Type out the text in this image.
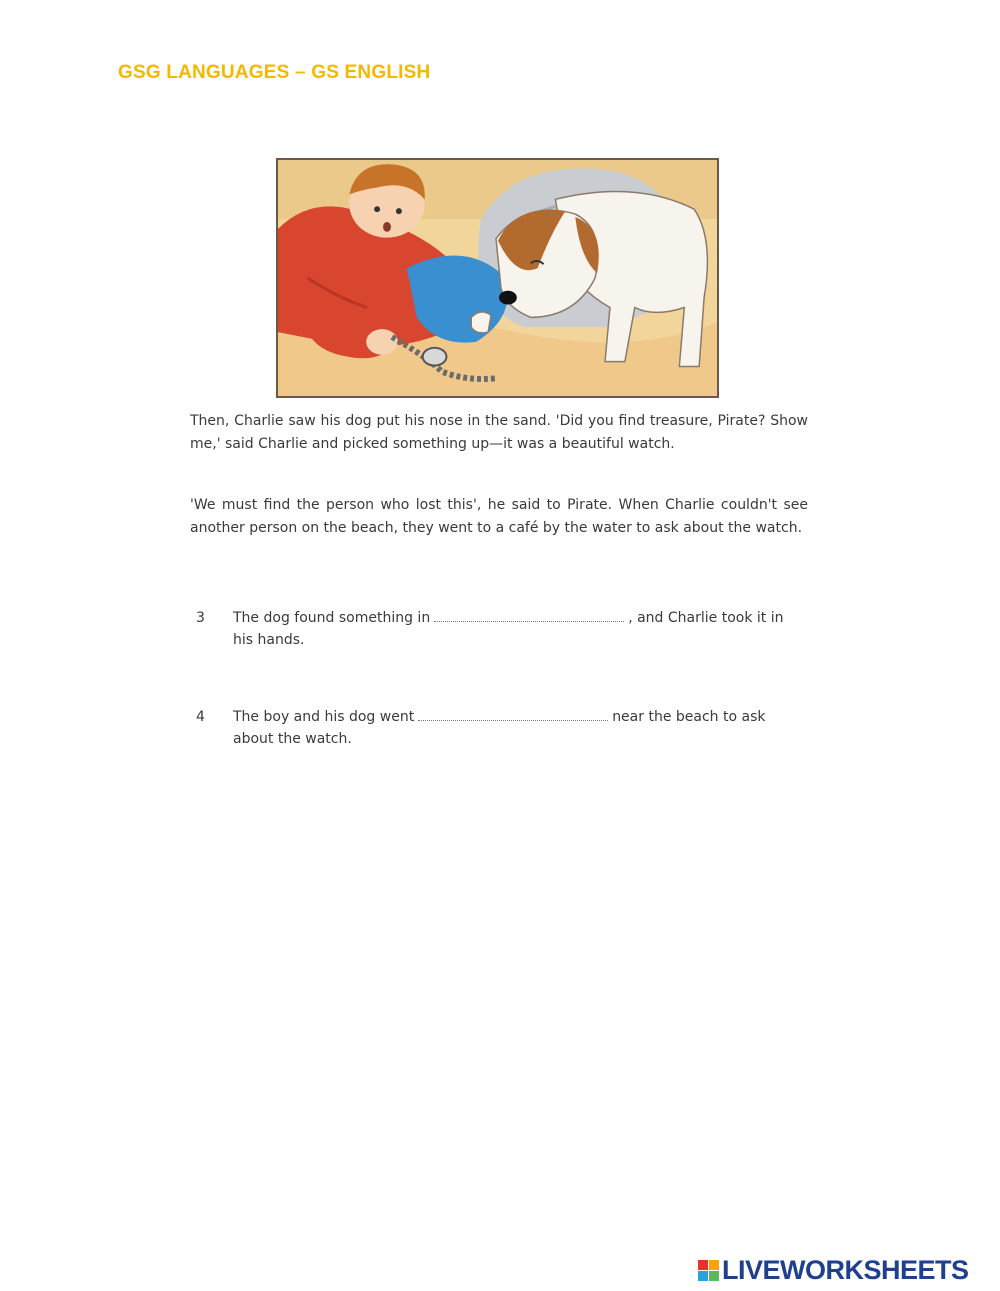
GSG LANGUAGES – GS ENGLISH

Then, Charlie saw his dog put his nose in the sand. 'Did you find treasure, Pirate? Show me,' said Charlie and picked something up—it was a beautiful watch.

'We must find the person who lost this', he said to Pirate. When Charlie couldn't see another person on the beach, they went to a café by the water to ask about the watch.

3 The dog found something in	, and Charlie took it in his hands.
4 The boy and his dog went	near the beach to ask about the watch.
LIVEWORKSHEETS
